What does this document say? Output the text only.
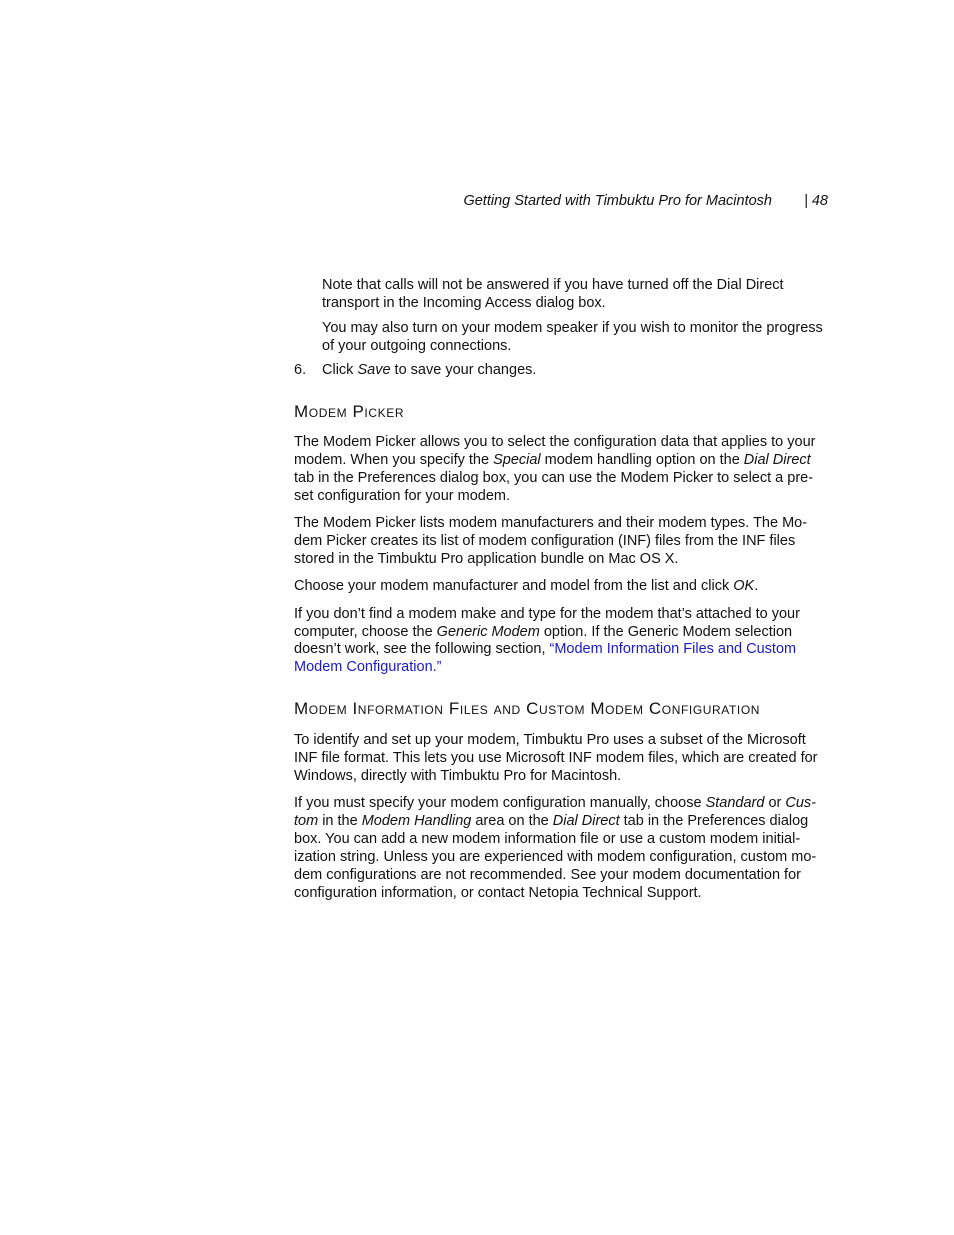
Getting Started with Timbuktu Pro for Macintosh | 48

Note that calls will not be answered if you have turned off the Dial Direct

transport in the Incoming Access dialog box.

You may also turn on your modem speaker if you wish to monitor the progress

of your outgoing connections.

6. Click Save to save your changes.
Modem Picker

The Modem Picker allows you to select the configuration data that applies to your

modem. When you specify the Special modem handling option on the Dial Direct

tab in the Preferences dialog box, you can use the Modem Picker to select a pre-

set configuration for your modem.

The Modem Picker lists modem manufacturers and their modem types. The Mo-

dem Picker creates its list of modem configuration (INF) files from the INF files

stored in the Timbuktu Pro application bundle on Mac OS X.

Choose your modem manufacturer and model from the list and click OK.

If you don’t find a modem make and type for the modem that’s attached to your

computer, choose the Generic Modem option. If the Generic Modem selection

doesn’t work, see the following section, “Modem Information Files and Custom

Modem Configuration.”

Modem Information Files and Custom Modem Configuration

To identify and set up your modem, Timbuktu Pro uses a subset of the Microsoft

INF file format. This lets you use Microsoft INF modem files, which are created for

Windows, directly with Timbuktu Pro for Macintosh.

If you must specify your modem configuration manually, choose Standard or Cus-

tom in the Modem Handling area on the Dial Direct tab in the Preferences dialog

box. You can add a new modem information file or use a custom modem initial-

ization string. Unless you are experienced with modem configuration, custom mo-

dem configurations are not recommended. See your modem documentation for

configuration information, or contact Netopia Technical Support.
